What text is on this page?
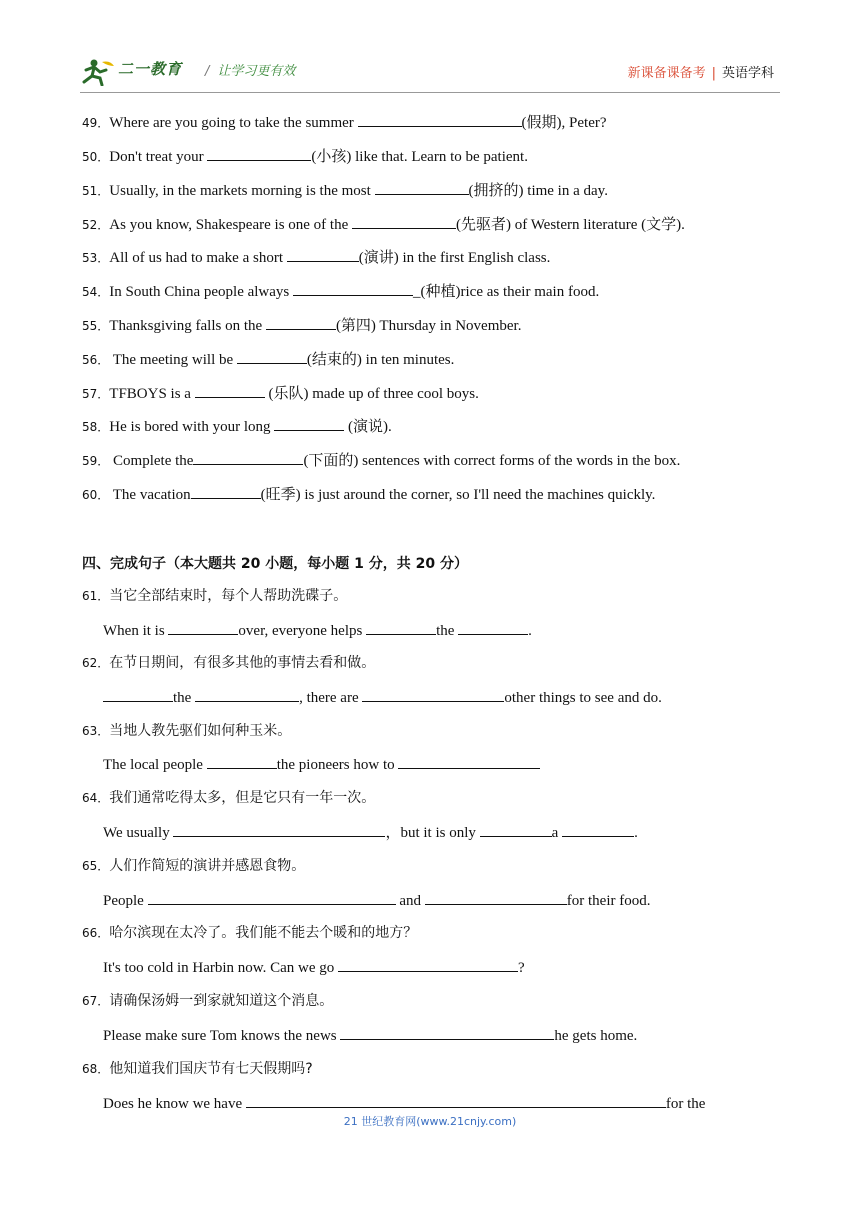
二一教育 / 让学习更有效	新课备课备考 | 英语学科
49．Where are you going to take the summer	(假期), Peter?
50．Don't treat your	(小孩) like that. Learn to be patient.
51．Usually, in the markets morning is the most	(拥挤的) time in a day.
52．As you know, Shakespeare is one of the	(先驱者) of Western literature (文学).
53．All of us had to make a short	(演讲) in the first English class.
54．In South China people always	_(种植)rice as their main food.
55．Thanksgiving falls on the	(第四) Thursday in November.
56． The meeting will be	(结束的) in ten minutes.
57．TFBOYS is a	(乐队) made up of three cool boys.
58．He is bored with your long	(演说).
59． Complete the	(下面的) sentences with correct forms of the words in the box.
60． The vacation	(旺季) is just around the corner, so I'll need the machines quickly.
四、完成句子（本大题共 20 小题，每小题 1 分，共 20 分）
61．当它全部结束时，每个人帮助洗碟子。
When it is	over, everyone helps	the	.
62．在节日期间，有很多其他的事情去看和做。
the	, there are	other things to see and do.
63．当地人教先驱们如何种玉米。
The local people	the pioneers how to
64．我们通常吃得太多，但是它只有一年一次。
We usually	，but it is only	a	.
65．人们作简短的演讲并感恩食物。
People	and	for their food.
66．哈尔滨现在太冷了。我们能不能去个暖和的地方？
It's too cold in Harbin now. Can we go	?
67．请确保汤姆一到家就知道这个消息。
Please make sure Tom knows the news	he gets home.
68．他知道我们国庆节有七天假期吗?
Does he know we have	for the
21 世纪教育网(www.21cnjy.com)
